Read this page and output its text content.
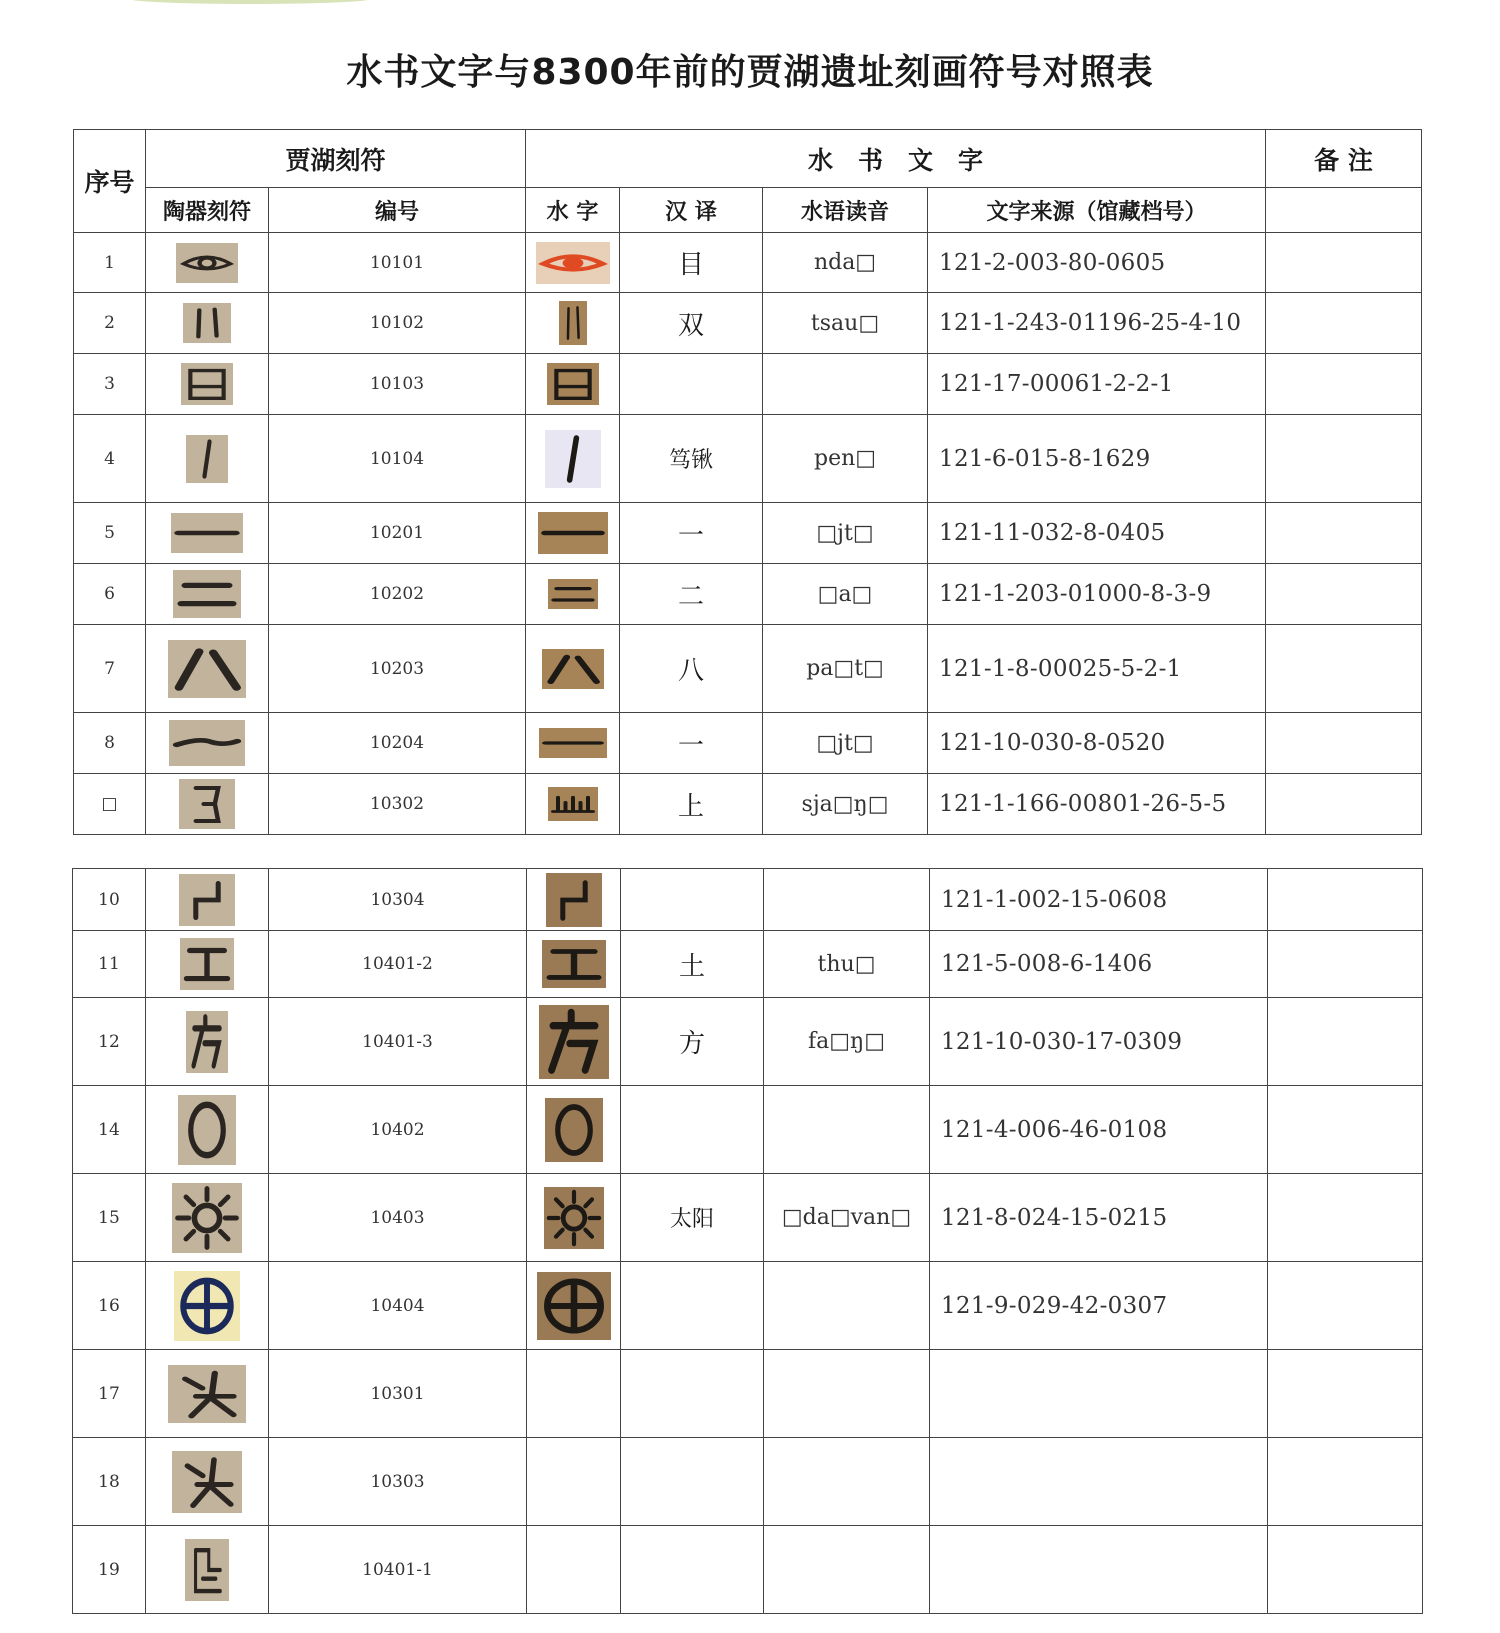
水书文字与8300年前的贾湖遗址刻画符号对照表
序号	贾湖刻符		水　书　文　字				备 注
	陶器刻符	编号	水 字	汉 译	水语读音	文字来源（馆藏档号）	
1		10101		目	nda□	121-2-003-80-0605	
2		10102		双	tsau□	121-1-243-01196-25-4-10	
3		10103				121-17-00061-2-2-1	
4		10104		笃锹	pen□	121-6-015-8-1629	
5		10201		一	□jt□	121-11-032-8-0405	
6		10202		二	□a□	121-1-203-01000-8-3-9	
7		10203		八	pa□t□	121-1-8-00025-5-2-1	
8		10204		一	□jt□	121-10-030-8-0520	
□		10302		上	sja□ŋ□	121-1-166-00801-26-5-5	
10		10304				121-1-002-15-0608	
11		10401-2		土	thu□	121-5-008-6-1406	
12		10401-3		方	fa□ŋ□	121-10-030-17-0309	
14		10402				121-4-006-46-0108	
15		10403		太阳	□da□van□	121-8-024-15-0215	
16		10404				121-9-029-42-0307	
17		10301					
18		10303					
19		10401-1					
